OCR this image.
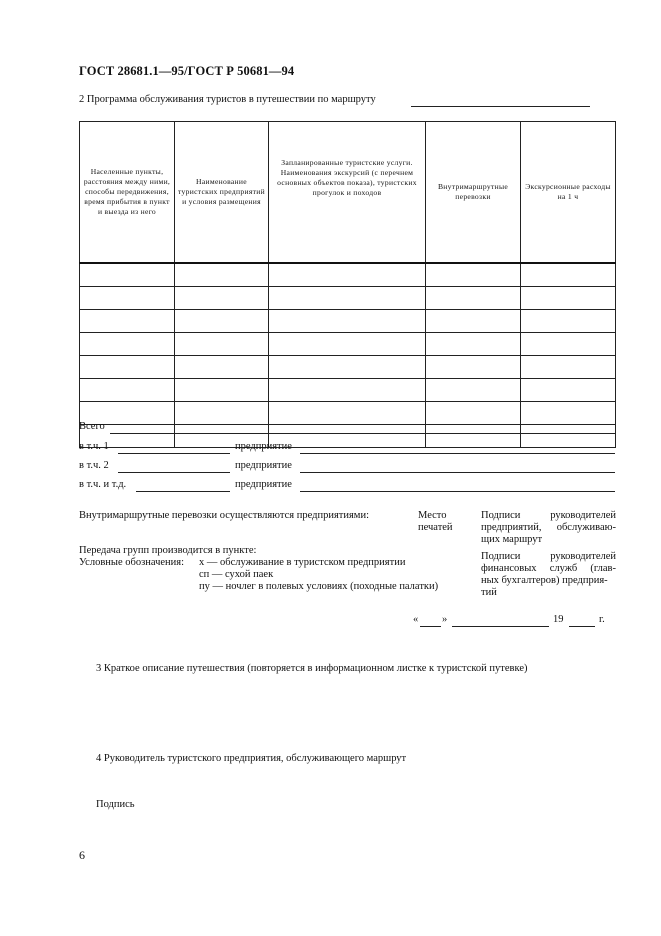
ГОСТ 28681.1—95/ГОСТ Р 50681—94
2 Программа обслуживания туристов в путешествии по маршруту
Населенные пункты, расстояния между ними, способы передвижения, время прибытия в пункт и выезда из него	Наименование туристских предприятий и условия размещения	Запланированные туристские услуги. Наименования экскурсий (с перечнем основных объектов показа), туристских прогулок и походов	Внутримаршрутные перевозки	Экскурсионные расходы на 1 ч

Всего
в т.ч. 1	предприятие
в т.ч. 2	предприятие
в т.ч. и т.д.	предприятие
Внутримаршрутные перевозки осуществляются предприятиями:	Место
печатей
Подписи	руководителей
предприятий, обслуживаю-
щих маршрут
Передача групп производится в пункте:
Условные обозначения: х — обслуживание в туристском предприятии
сп — сухой паек
пу — ночлег в полевых условиях (походные палатки)
Подписи	руководителей
финансовых служб (глав-
ных бухгалтеров) предприя-
тий
« »	19	г.
3 Краткое описание путешествия (повторяется в информационном листке к туристской путевке)
4 Руководитель туристского предприятия, обслуживающего маршрут
Подпись
6
